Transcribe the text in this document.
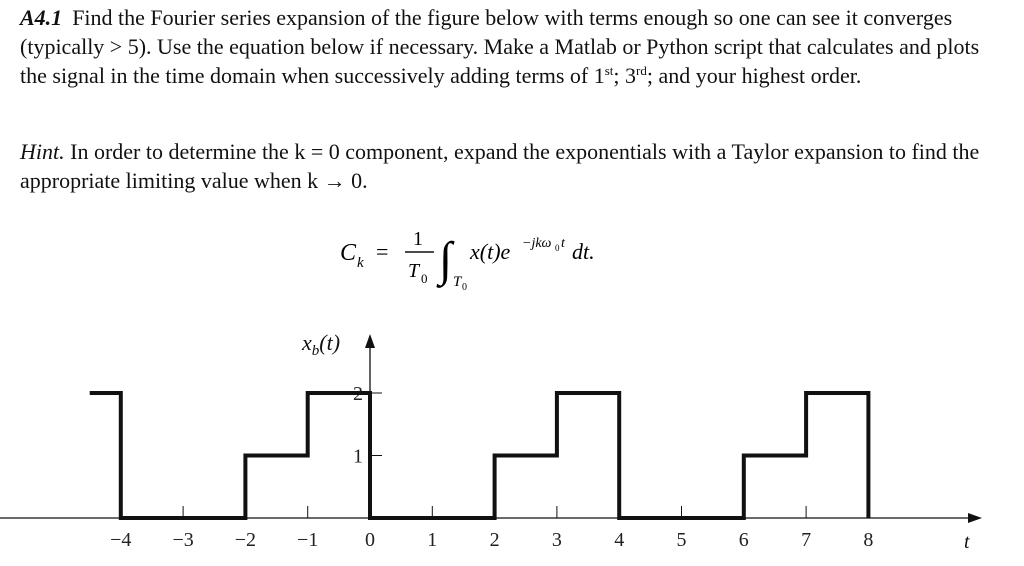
A4.1 Find the Fourier series expansion of the figure below with terms enough so one can see it converges (typically > 5). Use the equation below if necessary. Make a Matlab or Python script that calculates and plots the signal in the time domain when successively adding terms of 1st; 3rd; and your highest order.
Hint. In order to determine the k = 0 component, expand the exponentials with a Taylor expansion to find the appropriate limiting value when k → 0.
C k = 1
T 0 ∫ T 0
x(t)e −jkω 0 t dt.
−4 −3 −2 −1 0	1	2	3	4	5	6	7	8
1
2
$x_b(t)$
t
